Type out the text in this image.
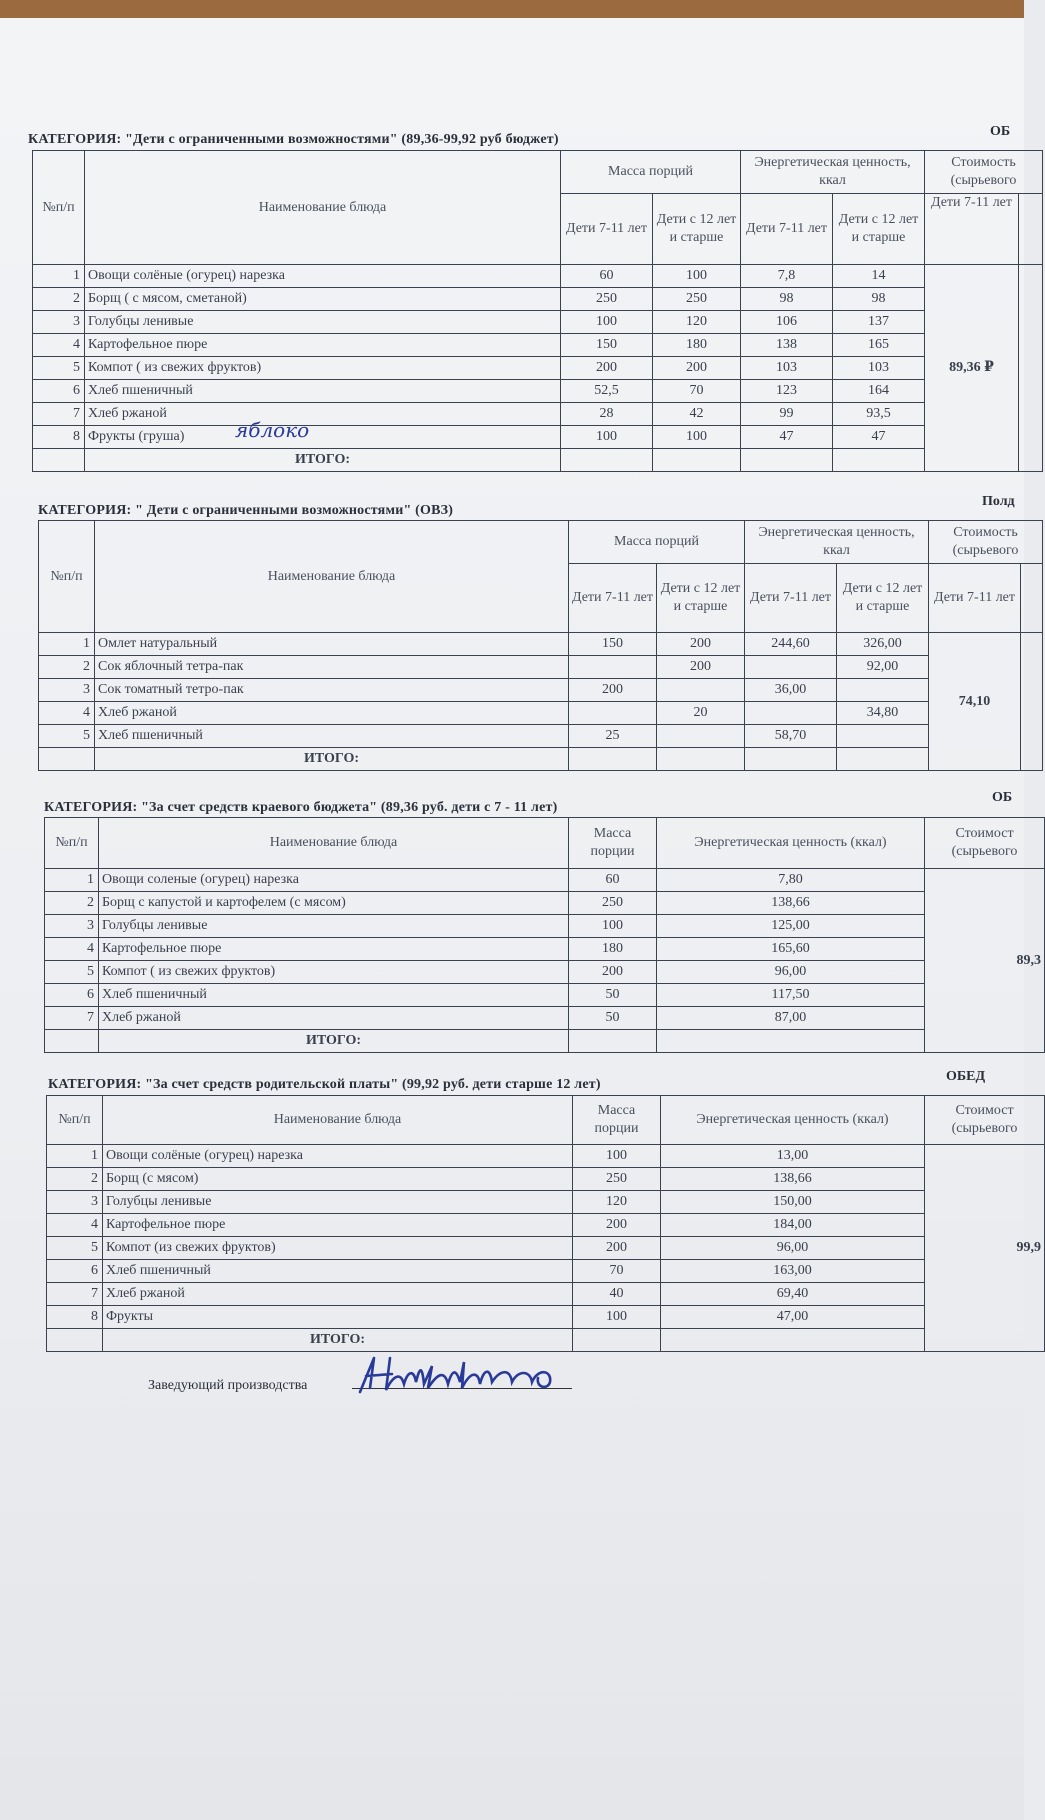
КАТЕГОРИЯ: "Дети с ограниченными возможностями" (89,36-99,92 руб бюджет)
ОБ
№п/п	Наименование блюда	Масса порций		Энергетическая ценность, ккал		Стоимость (сырьевого	
		Дети 7-11 лет	Дети с 12 лет и старше	Дети 7-11 лет	Дети с 12 лет и старше	Дети 7-11 лет	
1	Овощи солёные (огурец) нарезка	60	100	7,8	14	89,36 ₽	
2	Борщ ( с мясом, сметаной)	250	250	98	98		
3	Голубцы ленивые	100	120	106	137		
4	Картофельное пюре	150	180	138	165		
5	Компот ( из свежих фруктов)	200	200	103	103		
6	Хлеб пшеничный	52,5	70	123	164		
7	Хлеб ржаной	28	42	99	93,5		
8	Фрукты (груша) яблоко	100	100	47	47		
	ИТОГО:						
КАТЕГОРИЯ: " Дети с ограниченными возможностями" (ОВЗ)
Полд
№п/п	Наименование блюда	Масса порций		Энергетическая ценность, ккал		Стоимость (сырьевого	
		Дети 7-11 лет	Дети с 12 лет и старше	Дети 7-11 лет	Дети с 12 лет и старше	Дети 7-11 лет	
1	Омлет натуральный	150	200	244,60	326,00	74,10	
2	Сок яблочный тетра-пак		200		92,00		
3	Сок томатный тетро-пак	200		36,00			
4	Хлеб ржаной		20		34,80		
5	Хлеб пшеничный	25		58,70			
	ИТОГО:						
КАТЕГОРИЯ: "За счет средств краевого бюджета" (89,36 руб. дети с 7 - 11 лет)
ОБ
№п/п	Наименование блюда	Масса порции	Энергетическая ценность (ккал)	Стоимост (сырьевого
1	Овощи соленые (огурец) нарезка	60	7,80	89,3
2	Борщ с капустой и картофелем (с мясом)	250	138,66	
3	Голубцы ленивые	100	125,00	
4	Картофельное пюре	180	165,60	
5	Компот ( из свежих фруктов)	200	96,00	
6	Хлеб пшеничный	50	117,50	
7	Хлеб ржаной	50	87,00	
	ИТОГО:			
КАТЕГОРИЯ: "За счет средств родительской платы" (99,92 руб. дети старше 12 лет)
ОБЕД
№п/п	Наименование блюда	Масса порции	Энергетическая ценность (ккал)	Стоимост (сырьевого
1	Овощи солёные (огурец) нарезка	100	13,00	99,9
2	Борщ (с мясом)	250	138,66	
3	Голубцы ленивые	120	150,00	
4	Картофельное пюре	200	184,00	
5	Компот (из свежих фруктов)	200	96,00	
6	Хлеб пшеничный	70	163,00	
7	Хлеб ржаной	40	69,40	
8	Фрукты	100	47,00	
	ИТОГО:			
Заведующий производства
